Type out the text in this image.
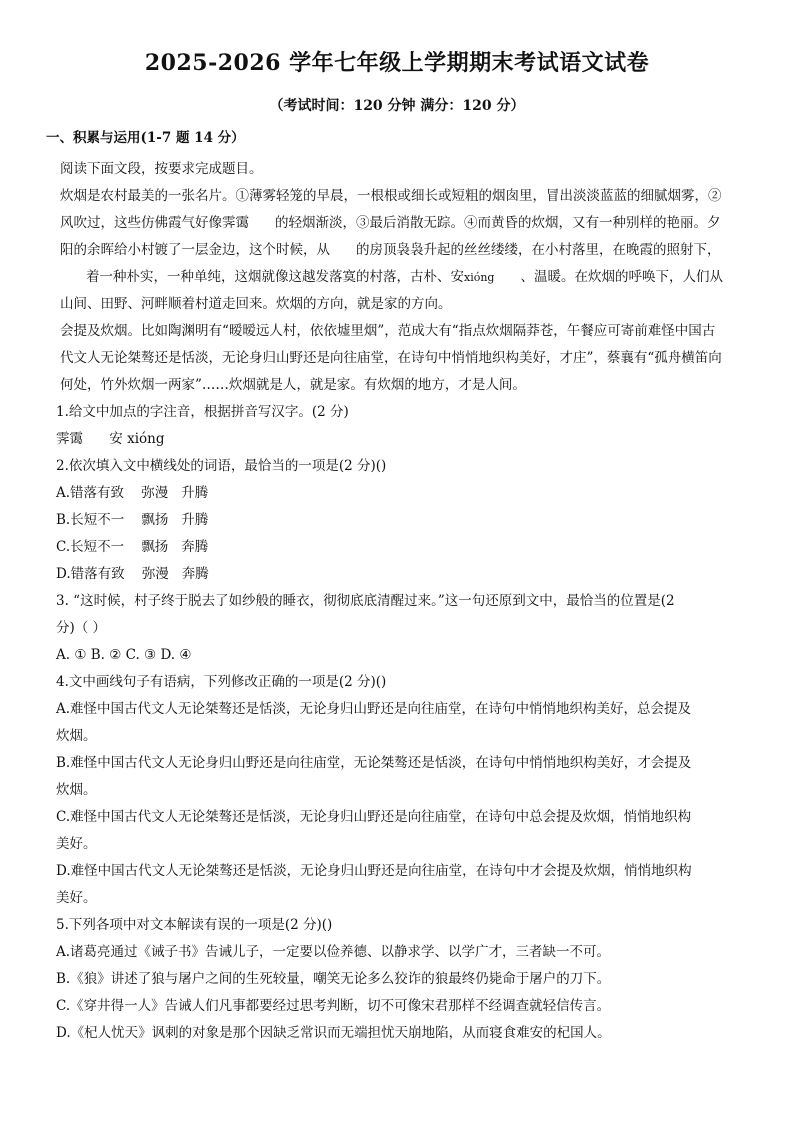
2025-2026 学年七年级上学期期末考试语文试卷
（考试时间：120 分钟 满分：120 分）
一、积累与运用(1-7 题 14 分）

阅读下面文段，按要求完成题目。

炊烟是农村最美的一张名片。①薄雾轻笼的早晨，一根根或细长或短粗的烟囱里，冒出淡淡蓝蓝的细腻烟雾，②风吹过，这些仿佛霞气好像霁霭 的轻烟渐淡，③最后消散无踪。④而黄昏的炊烟，又有一种别样的艳丽。夕阳的余晖给小村镀了一层金边，这个时候，从 的房顶袅袅升起的丝丝缕缕，在小村落里，在晚霞的照射下，着一种朴实，一种单纯，这烟就像这越发落寞的村落，古朴、安xióng 、温暖。在炊烟的呼唤下，人们从山间、田野、河畔顺着村道走回来。炊烟的方向，就是家的方向。

会提及炊烟。比如陶渊明有“暧暧远人村，依依墟里烟”，范成大有“指点炊烟隔莽苍，午餐应可寄前难怪中国古代文人无论桀骜还是恬淡，无论身归山野还是向往庙堂，在诗句中悄悄地织构美好，才庄”，蔡襄有“孤舟横笛向何处，竹外炊烟一两家”……炊烟就是人，就是家。有炊烟的地方，才是人间。

1.给文中加点的字注音，根据拼音写汉字。(2 分)

霁霭 安 xióng

2.依次填入文中横线处的词语，最恰当的一项是(2 分)()

A.错落有致 弥漫 升腾

B.长短不一 飘扬 升腾

C.长短不一 飘扬 奔腾

D.错落有致 弥漫 奔腾

3. “这时候，村子终于脱去了如纱般的睡衣，彻彻底底清醒过来。”这一句还原到文中，最恰当的位置是(2
分)（ ）

A. ① B. ② C. ③ D. ④

4.文中画线句子有语病，下列修改正确的一项是(2 分)()

A.难怪中国古代文人无论桀骜还是恬淡，无论身归山野还是向往庙堂，在诗句中悄悄地织构美好，总会提及
炊烟。

B.难怪中国古代文人无论身归山野还是向往庙堂，无论桀骜还是恬淡，在诗句中悄悄地织构美好，才会提及
炊烟。

C.难怪中国古代文人无论桀骜还是恬淡，无论身归山野还是向往庙堂，在诗句中总会提及炊烟，悄悄地织构
美好。

D.难怪中国古代文人无论桀骜还是恬淡，无论身归山野还是向往庙堂，在诗句中才会提及炊烟，悄悄地织构
美好。

5.下列各项中对文本解读有误的一项是(2 分)()

A.诸葛亮通过《诫子书》告诫儿子，一定要以俭养德、以静求学、以学广才，三者缺一不可。

B.《狼》讲述了狼与屠户之间的生死较量，嘲笑无论多么狡诈的狼最终仍毙命于屠户的刀下。

C.《穿井得一人》告诫人们凡事都要经过思考判断，切不可像宋君那样不经调查就轻信传言。

D.《杞人忧天》讽刺的对象是那个因缺乏常识而无端担忧天崩地陷，从而寝食难安的杞国人。
